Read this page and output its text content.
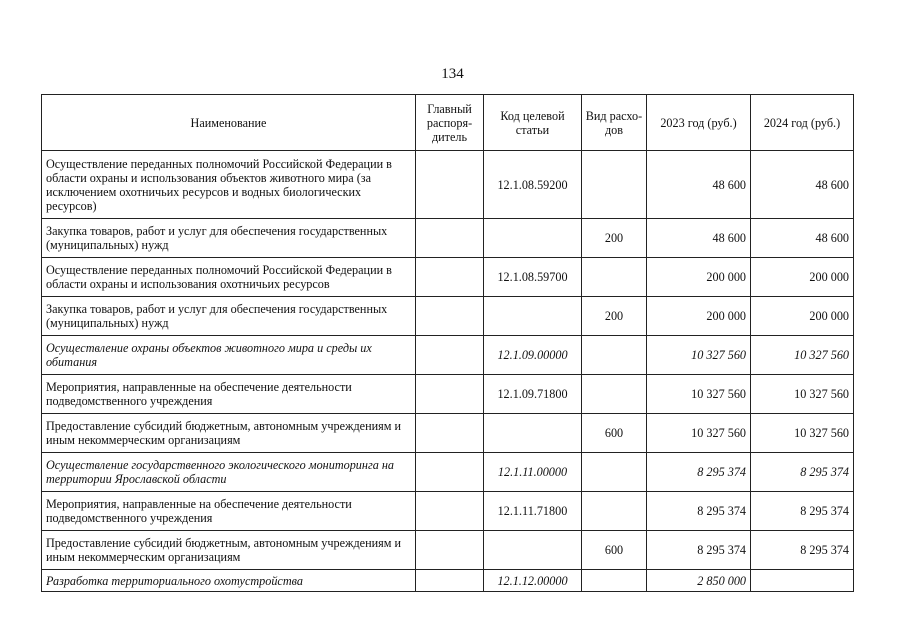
134
Наименование	Главный распоря-дитель	Код целевой статьи	Вид расхо-дов	2023 год (руб.)	2024 год (руб.)
Осуществление переданных полномочий Российской Федерации в области охраны и использования объектов животного мира (за исключением охотничьих ресурсов и водных биологических ресурсов)		12.1.08.59200		48 600	48 600
Закупка товаров, работ и услуг для обеспечения государственных (муниципальных) нужд			200	48 600	48 600
Осуществление переданных полномочий Российской Федерации в области охраны и использования охотничьих ресурсов		12.1.08.59700		200 000	200 000
Закупка товаров, работ и услуг для обеспечения государственных (муниципальных) нужд			200	200 000	200 000
Осуществление охраны объектов животного мира и среды их обитания		12.1.09.00000		10 327 560	10 327 560
Мероприятия, направленные на обеспечение деятельности подведомственного учреждения		12.1.09.71800		10 327 560	10 327 560
Предоставление субсидий бюджетным, автономным учреждениям и иным некоммерческим организациям			600	10 327 560	10 327 560
Осуществление государственного экологического мониторинга на территории Ярославской области		12.1.11.00000		8 295 374	8 295 374
Мероприятия, направленные на обеспечение деятельности подведомственного учреждения		12.1.11.71800		8 295 374	8 295 374
Предоставление субсидий бюджетным, автономным учреждениям и иным некоммерческим организациям			600	8 295 374	8 295 374
Разработка территориального охотустройства		12.1.12.00000		2 850 000	
